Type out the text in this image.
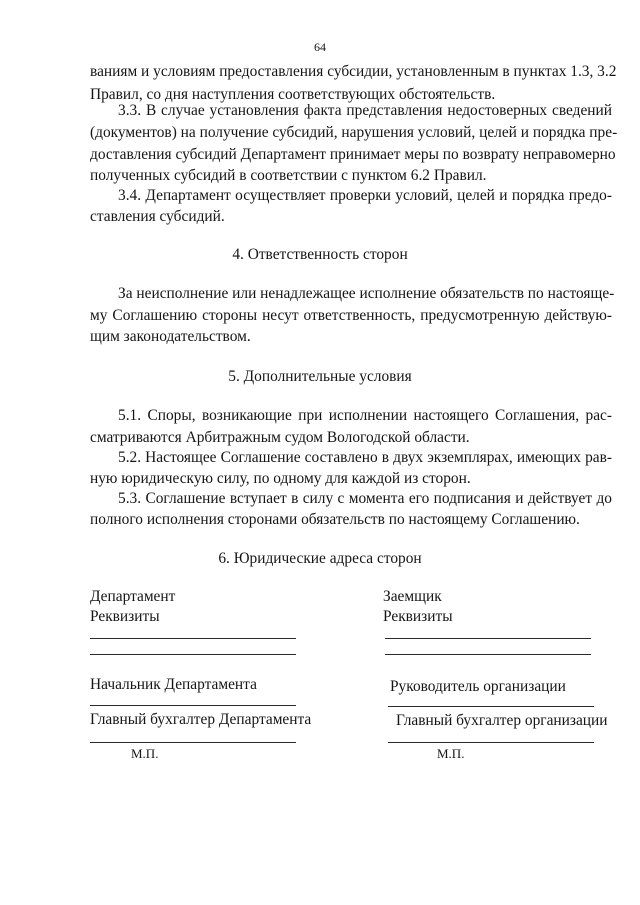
64
ваниям и условиям предоставления субсидии, установленным в пунктах 1.3, 3.2
Правил, со дня наступления соответствующих обстоятельств.
3.3. В случае установления факта представления недостоверных сведений
(документов) на получение субсидий, нарушения условий, целей и порядка пре-
доставления субсидий Департамент принимает меры по возврату неправомерно
полученных субсидий в соответствии с пунктом 6.2 Правил.
3.4. Департамент осуществляет проверки условий, целей и порядка предо-
ставления субсидий.
4. Ответственность сторон
За неисполнение или ненадлежащее исполнение обязательств по настояще-
му Соглашению стороны несут ответственность, предусмотренную действую-
щим законодательством.
5. Дополнительные условия
5.1. Споры, возникающие при исполнении настоящего Соглашения, рас-
сматриваются Арбитражным судом Вологодской области.
5.2. Настоящее Соглашение составлено в двух экземплярах, имеющих рав-
ную юридическую силу, по одному для каждой из сторон.
5.3. Соглашение вступает в силу с момента его подписания и действует до
полного исполнения сторонами обязательств по настоящему Соглашению.
6. Юридические адреса сторон
Департамент
Реквизиты
Начальник Департамента
Главный бухгалтер Департамента
М.П.
Заемщик
Реквизиты
Руководитель организации
Главный бухгалтер организации
М.П.
